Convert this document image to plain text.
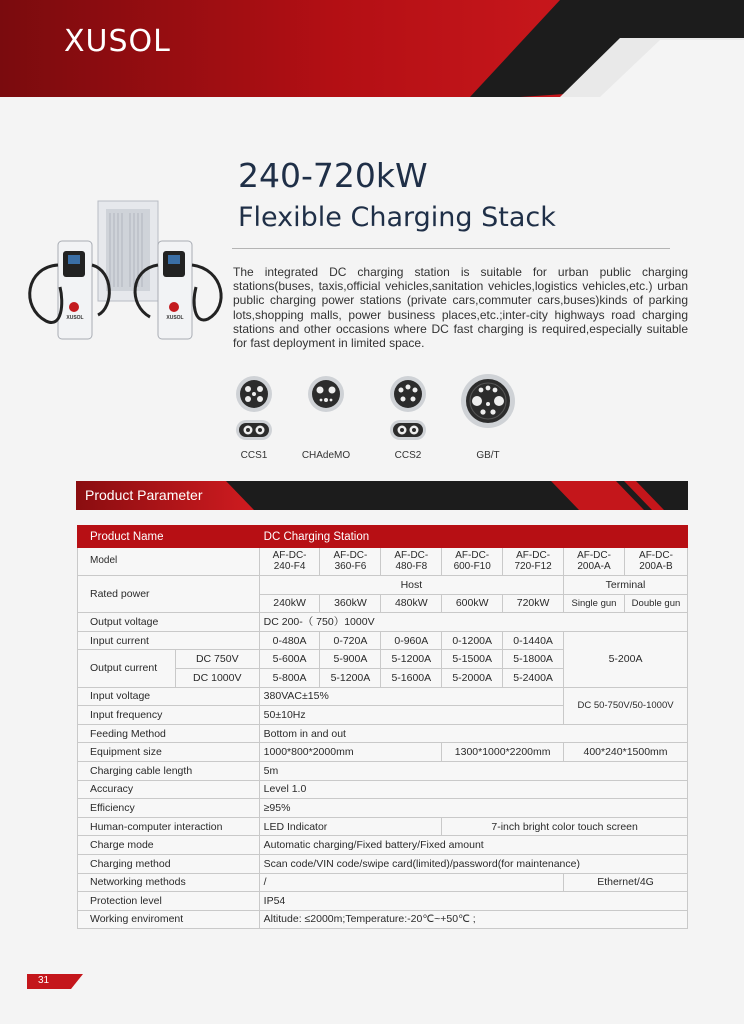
XUSOL
240-720kW
Flexible Charging Stack
XUSOL	XUSOL
The integrated DC charging station is suitable for urban public charging stations(buses, taxis,official vehicles,sanitation vehicles,logistics vehicles,etc.) urban public charging power stations (private cars,commuter cars,buses)kinds of parking lots,shopping malls, power business places,etc.;inter-city highways road charging stations and other occasions where DC fast charging is required,especially suitable for fast deployment in limited space.
CCS1	CHAdeMO	CCS2	GB/T
Product Parameter
Product Name		DC Charging Station						
Model		AF-DC-240-F4	AF-DC-360-F6	AF-DC-480-F8	AF-DC-600-F10	AF-DC-720-F12	AF-DC-200A-A	AF-DC-200A-B
Rated power		Host					Terminal	
		240kW	360kW	480kW	600kW	720kW	Single gun	Double gun
Output voltage		DC 200-（ 750）1000V						
Input current		0-480A	0-720A	0-960A	0-1200A	0-1440A	5-200A	
Output current	DC 750V	5-600A	5-900A	5-1200A	5-1500A	5-1800A		
	DC 1000V	5-800A	5-1200A	5-1600A	5-2000A	5-2400A		
Input voltage		380VAC±15%					DC 50-750V/50-1000V	
Input frequency		50±10Hz						
Feeding Method		Bottom in and out						
Equipment size		1000*800*2000mm			1300*1000*2200mm		400*240*1500mm	
Charging cable length		5m						
Accuracy		Level 1.0						
Efficiency		≥95%						
Human-computer interaction		LED Indicator			7-inch bright color touch screen			
Charge mode		Automatic charging/Fixed battery/Fixed amount						
Charging method		Scan code/VIN code/swipe card(limited)/password(for maintenance)						
Networking methods		/					Ethernet/4G	
Protection level		IP54						
Working enviroment		Altitude: ≤2000m;Temperature:-20℃~+50℃ ;						
31
